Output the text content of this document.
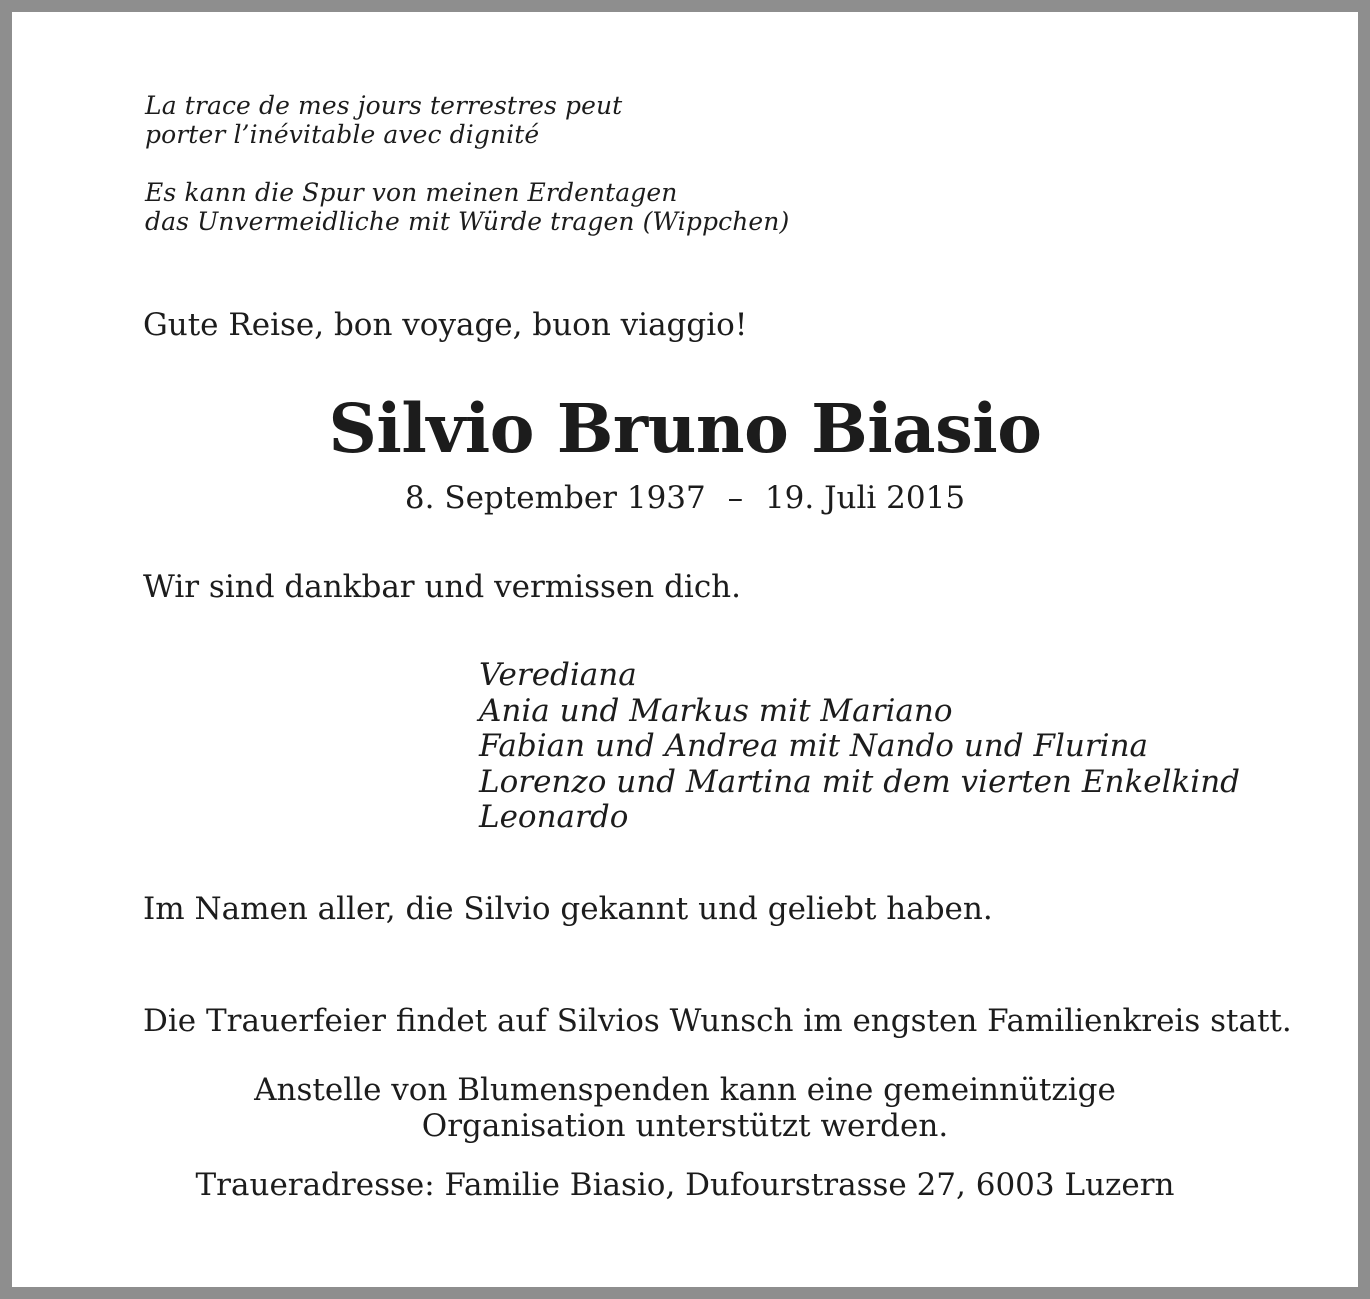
La trace de mes jours terrestres peut

porter l’inévitable avec dignité

Es kann die Spur von meinen Erdentagen

das Unvermeidliche mit Würde tragen (Wippchen)

Gute Reise, bon voyage, buon viaggio!

Silvio Bruno Biasio
8. September 1937 – 19. Juli 2015

Wir sind dankbar und vermissen dich.

Verediana
Ania und Markus mit Mariano
Fabian und Andrea mit Nando und Flurina
Lorenzo und Martina mit dem vierten Enkelkind
Leonardo

Im Namen aller, die Silvio gekannt und geliebt haben.

Die Trauerfeier findet auf Silvios Wunsch im engsten Familienkreis statt.

Anstelle von Blumenspenden kann eine gemeinnützige

Organisation unterstützt werden.

Traueradresse: Familie Biasio, Dufourstrasse 27, 6003 Luzern
